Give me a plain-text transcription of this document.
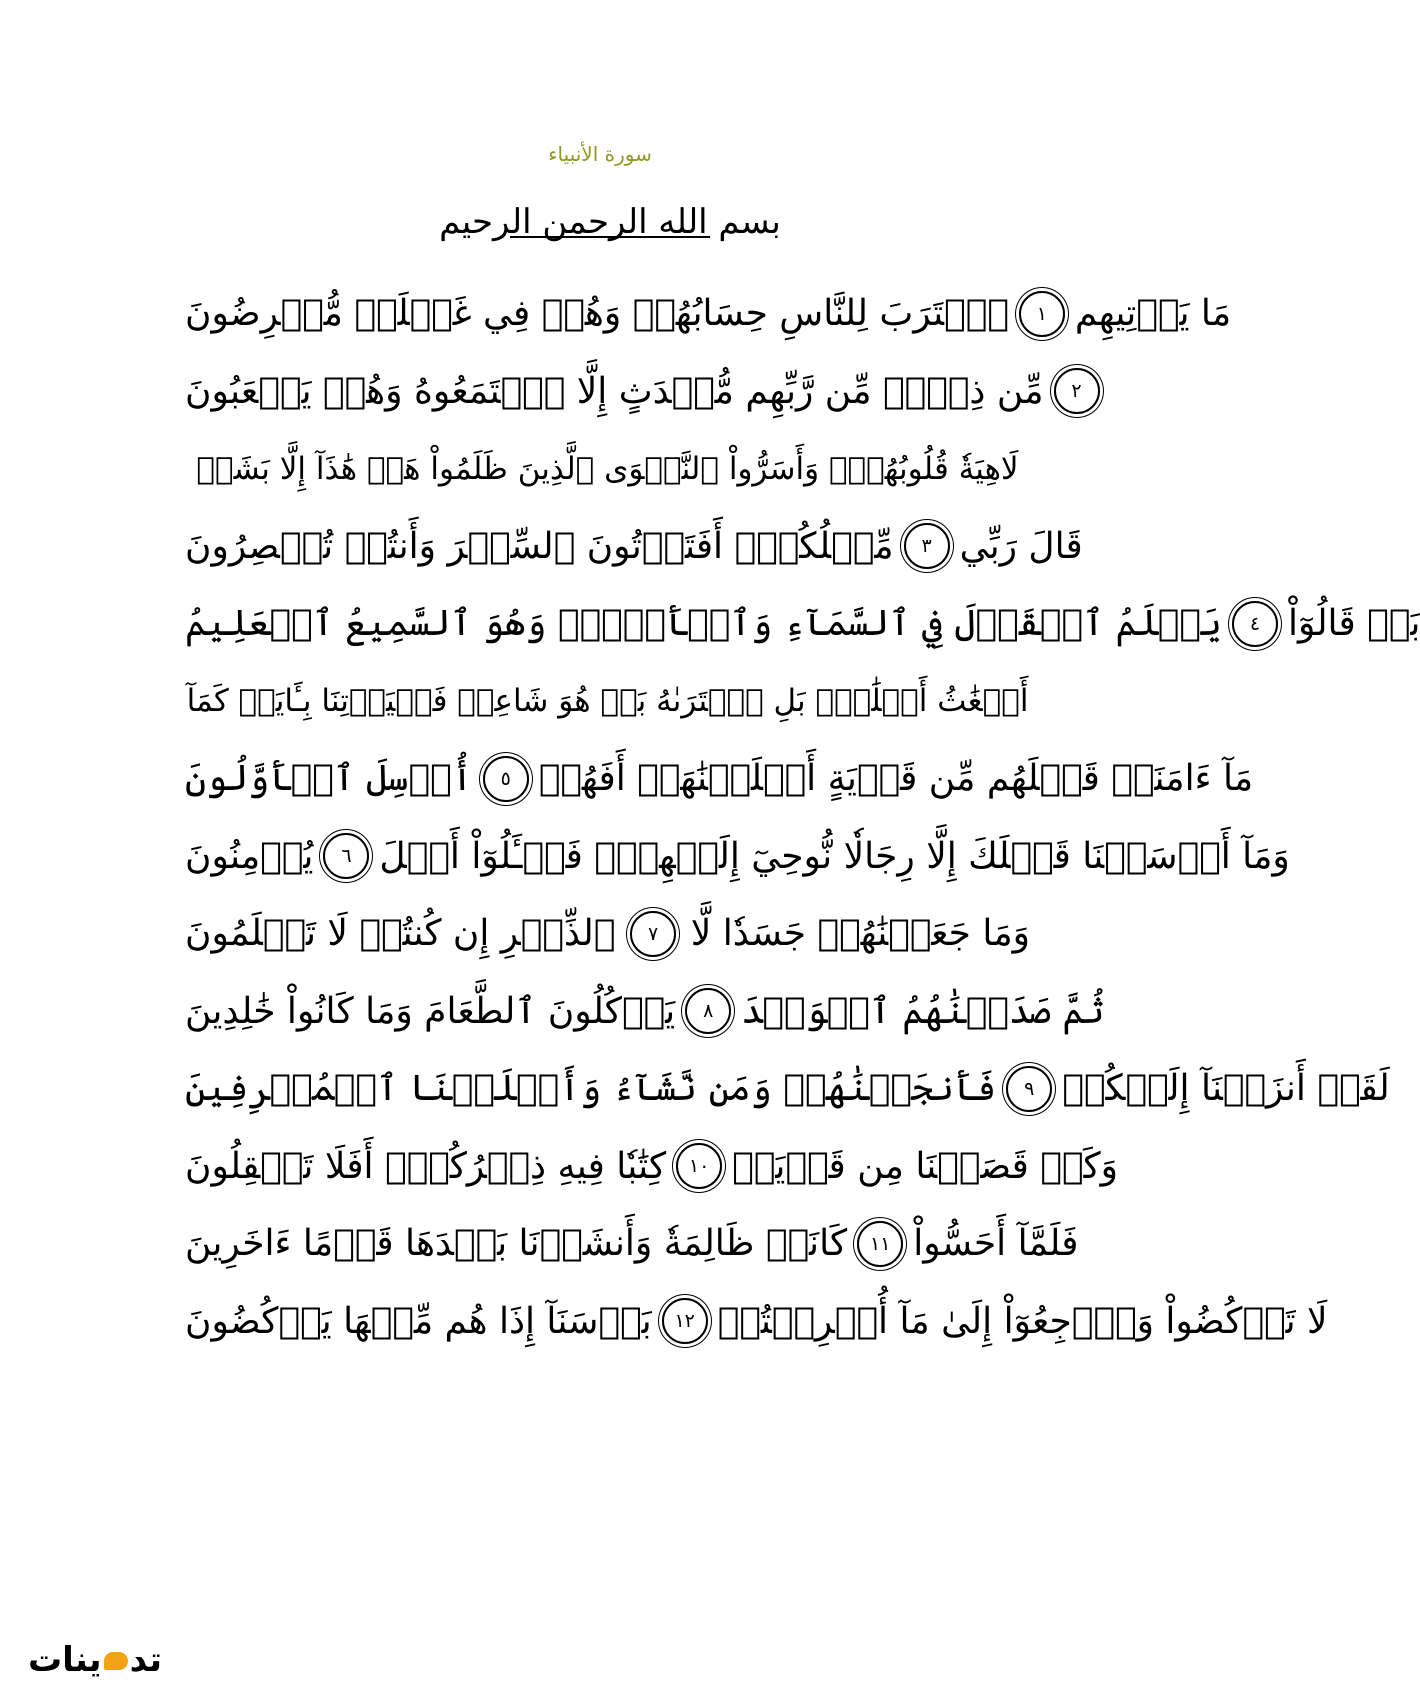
سورة الأنبياء
بسم الله الرحمن الرحيم
ٱقۡتَرَبَ لِلنَّاسِ حِسَابُهُمۡ وَهُمۡ فِي غَفۡلَةٖ مُّعۡرِضُونَ	١ مَا يَأۡتِيهِم
مِّن ذِكۡرٖ مِّن رَّبِّهِم مُّحۡدَثٍ إِلَّا ٱسۡتَمَعُوهُ وَهُمۡ يَلۡعَبُونَ	٢
لَاهِيَةٗ قُلُوبُهُمۡۗ وَأَسَرُّواْ ٱلنَّجۡوَى ٱلَّذِينَ ظَلَمُواْ هَلۡ هَٰذَآ إِلَّا بَشَرٞ
مِّثۡلُكُمۡۖ أَفَتَأۡتُونَ ٱلسِّحۡرَ وَأَنتُمۡ تُبۡصِرُونَ	٣ قَالَ رَبِّي
يَعۡلَمُ ٱلۡقَوۡلَ فِي ٱلسَّمَآءِ وَٱلۡأَرۡضِۖ وَهُوَ ٱلسَّمِيعُ ٱلۡعَلِيمُ	٤ بَلۡ قَالُوٓاْ
أَضۡغَٰثُ أَحۡلَٰمِۭ بَلِ ٱفۡتَرَىٰهُ بَلۡ هُوَ شَاعِرٞ فَلۡيَأۡتِنَا بِـَٔايَةٖ كَمَآ
أُرۡسِلَ ٱلۡأَوَّلُونَ	٥ مَآ ءَامَنَتۡ قَبۡلَهُم مِّن قَرۡيَةٍ أَهۡلَكۡنَٰهَآۖ أَفَهُمۡ
يُؤۡمِنُونَ	٦ وَمَآ أَرۡسَلۡنَا قَبۡلَكَ إِلَّا رِجَالٗا نُّوحِيٓ إِلَيۡهِمۡۖ فَسۡـَٔلُوٓاْ أَهۡلَ
ٱلذِّكۡرِ إِن كُنتُمۡ لَا تَعۡلَمُونَ	٧ وَمَا جَعَلۡنَٰهُمۡ جَسَدٗا لَّا
يَأۡكُلُونَ ٱلطَّعَامَ وَمَا كَانُواْ خَٰلِدِينَ	٨ ثُمَّ صَدَقۡنَٰهُمُ ٱلۡوَعۡدَ
فَأَنجَيۡنَٰهُمۡ وَمَن نَّشَآءُ وَأَهۡلَكۡنَا ٱلۡمُسۡرِفِينَ	٩ لَقَدۡ أَنزَلۡنَآ إِلَيۡكُمۡ
كِتَٰبٗا فِيهِ ذِكۡرُكُمۡۚ أَفَلَا تَعۡقِلُونَ	١٠ وَكَمۡ قَصَمۡنَا مِن قَرۡيَةٖ
كَانَتۡ ظَالِمَةٗ وَأَنشَأۡنَا بَعۡدَهَا قَوۡمًا ءَاخَرِينَ	١١ فَلَمَّآ أَحَسُّواْ
بَأۡسَنَآ إِذَا هُم مِّنۡهَا يَرۡكُضُونَ	١٢ لَا تَرۡكُضُواْ وَٱرۡجِعُوٓاْ إِلَىٰ مَآ أُتۡرِفۡتُمۡ
تد
ينات
